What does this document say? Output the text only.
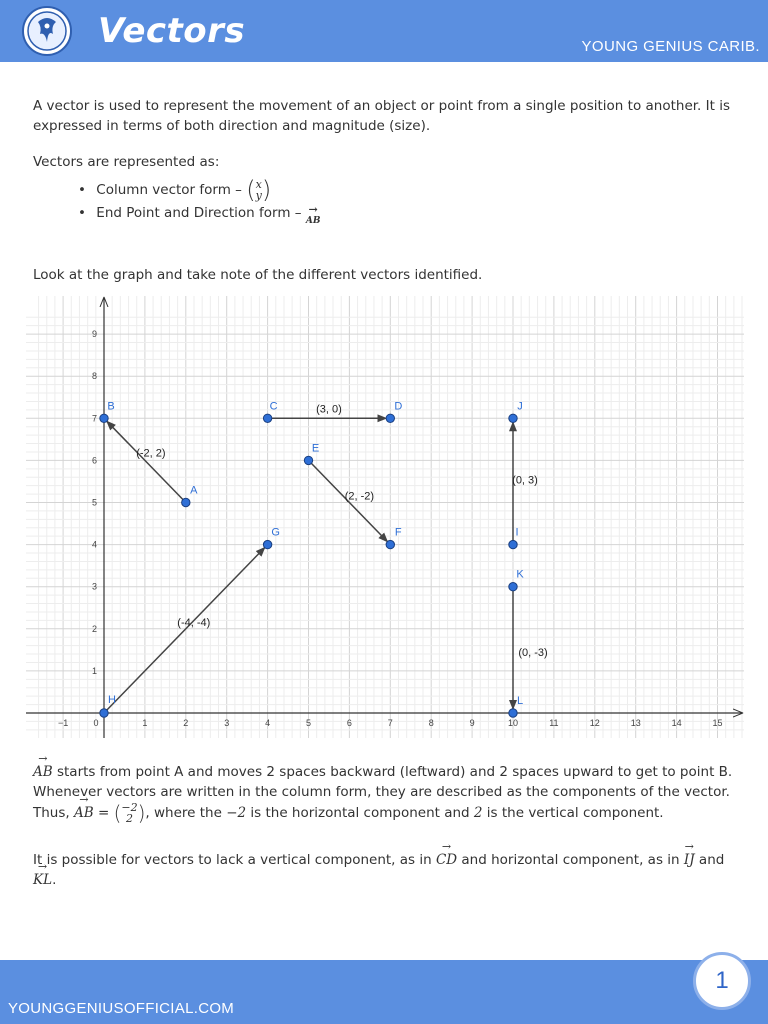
Vectors	YOUNG GENIUS CARIB.
A vector is used to represent the movement of an object or point from a single position to another. It is expressed in terms of both direction and magnitude (size).
Vectors are represented as:
• Column vector form – (x
y)
• End Point and Direction form – → AB
Look at the graph and take note of the different vectors identified.
−1	0	1	2	3	4	5	6	7	8	9	10	11	12	13	14	15
1
2
3
4
5
6
7
8
9
(-2, 2)
(3, 0)
(2, -2)
(-4, -4)
(0, 3)
(0, -3)
A
B	C	D
E
F
G
H
I
J
K
L
→ AB starts from point A and moves 2 spaces backward (leftward) and 2 spaces upward to get to point B. Whenever vectors are written in the column form, they are described as the components of the vector.
Thus, → AB = (−2
2 ), where the −2 is the horizontal component and 2 is the vertical component.
It is possible for vectors to lack a vertical component, as in → CD and horizontal component, as in → IJ and → KL.
YOUNGGENIUSOFFICIAL.COM
1
